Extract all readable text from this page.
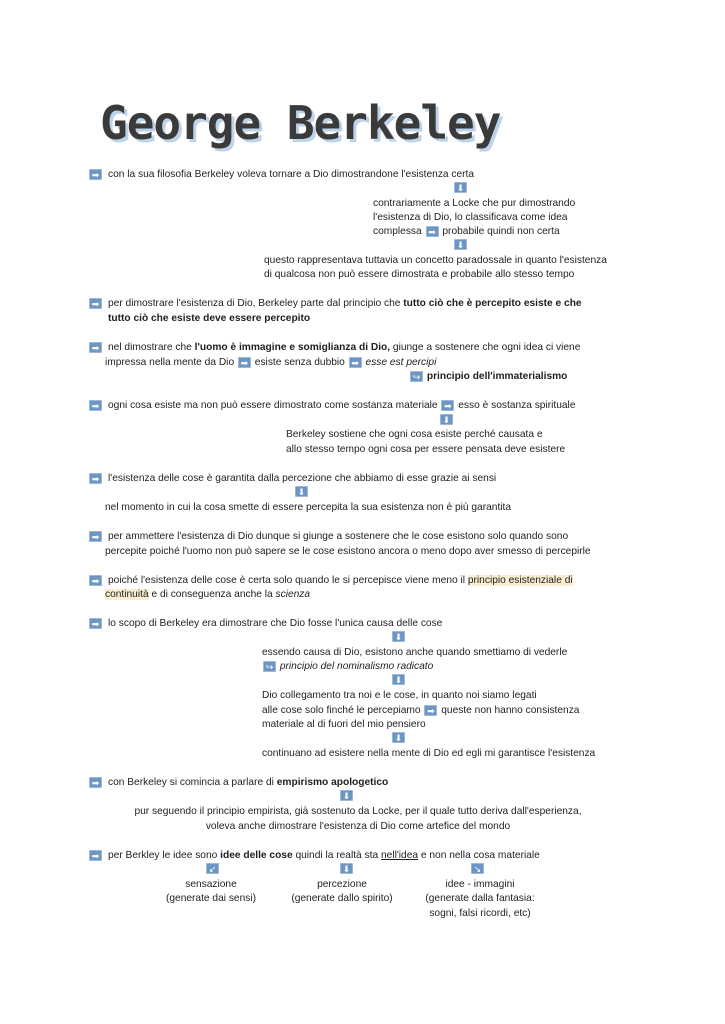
George Berkeley
➡ con la sua filosofia Berkeley voleva tornare a Dio dimostrandone l'esistenza certa
⬇
contrariamente a Locke che pur dimostrando
l'esistenza di Dio, lo classificava come idea
complessa ➡ probabile quindi non certa
⬇
questo rappresentava tuttavia un concetto paradossale in quanto l'esistenza
di qualcosa non può essere dimostrata e probabile allo stesso tempo
➡ per dimostrare l'esistenza di Dio, Berkeley parte dal principio che tutto ciò che è percepito esiste e che
tutto ciò che esiste deve essere percepito
➡ nel dimostrare che l'uomo è immagine e somiglianza di Dio, giunge a sostenere che ogni idea ci viene
impressa nella mente da Dio ➡ esiste senza dubbio ➡ esse est percipi
↪ principio dell'immaterialismo
➡ ogni cosa esiste ma non può essere dimostrato come sostanza materiale ➡ esso è sostanza spirituale
⬇
Berkeley sostiene che ogni cosa esiste perché causata e
allo stesso tempo ogni cosa per essere pensata deve esistere
➡ l'esistenza delle cose è garantita dalla percezione che abbiamo di esse grazie ai sensi
⬇
nel momento in cui la cosa smette di essere percepita la sua esistenza non è più garantita
➡ per ammettere l'esistenza di Dio dunque si giunge a sostenere che le cose esistono solo quando sono
percepite poiché l'uomo non può sapere se le cose esistono ancora o meno dopo aver smesso di percepirle
➡ poiché l'esistenza delle cose è certa solo quando le si percepisce viene meno il principio esistenziale di
continuità e di conseguenza anche la scienza
➡ lo scopo di Berkeley era dimostrare che Dio fosse l'unica causa delle cose
⬇
essendo causa di Dio, esistono anche quando smettiamo di vederle
↪ principio del nominalismo radicato
⬇
Dio collegamento tra noi e le cose, in quanto noi siamo legati
alle cose solo finché le percepiamo ➡ queste non hanno consistenza
materiale al di fuori del mio pensiero
⬇
continuano ad esistere nella mente di Dio ed egli mi garantisce l'esistenza
➡ con Berkeley si comincia a parlare di empirismo apologetico
⬇
pur seguendo il principio empirista, già sostenuto da Locke, per il quale tutto deriva dall'esperienza,
voleva anche dimostrare l'esistenza di Dio come artefice del mondo
➡ per Berkley le idee sono idee delle cose quindi la realtà sta nell'idea e non nella cosa materiale
↙	⬇	↘
sensazione
(generate dai sensi)
percezione
(generate dallo spirito)
idee - immagini
(generate dalla fantasia:
sogni, falsi ricordi, etc)
